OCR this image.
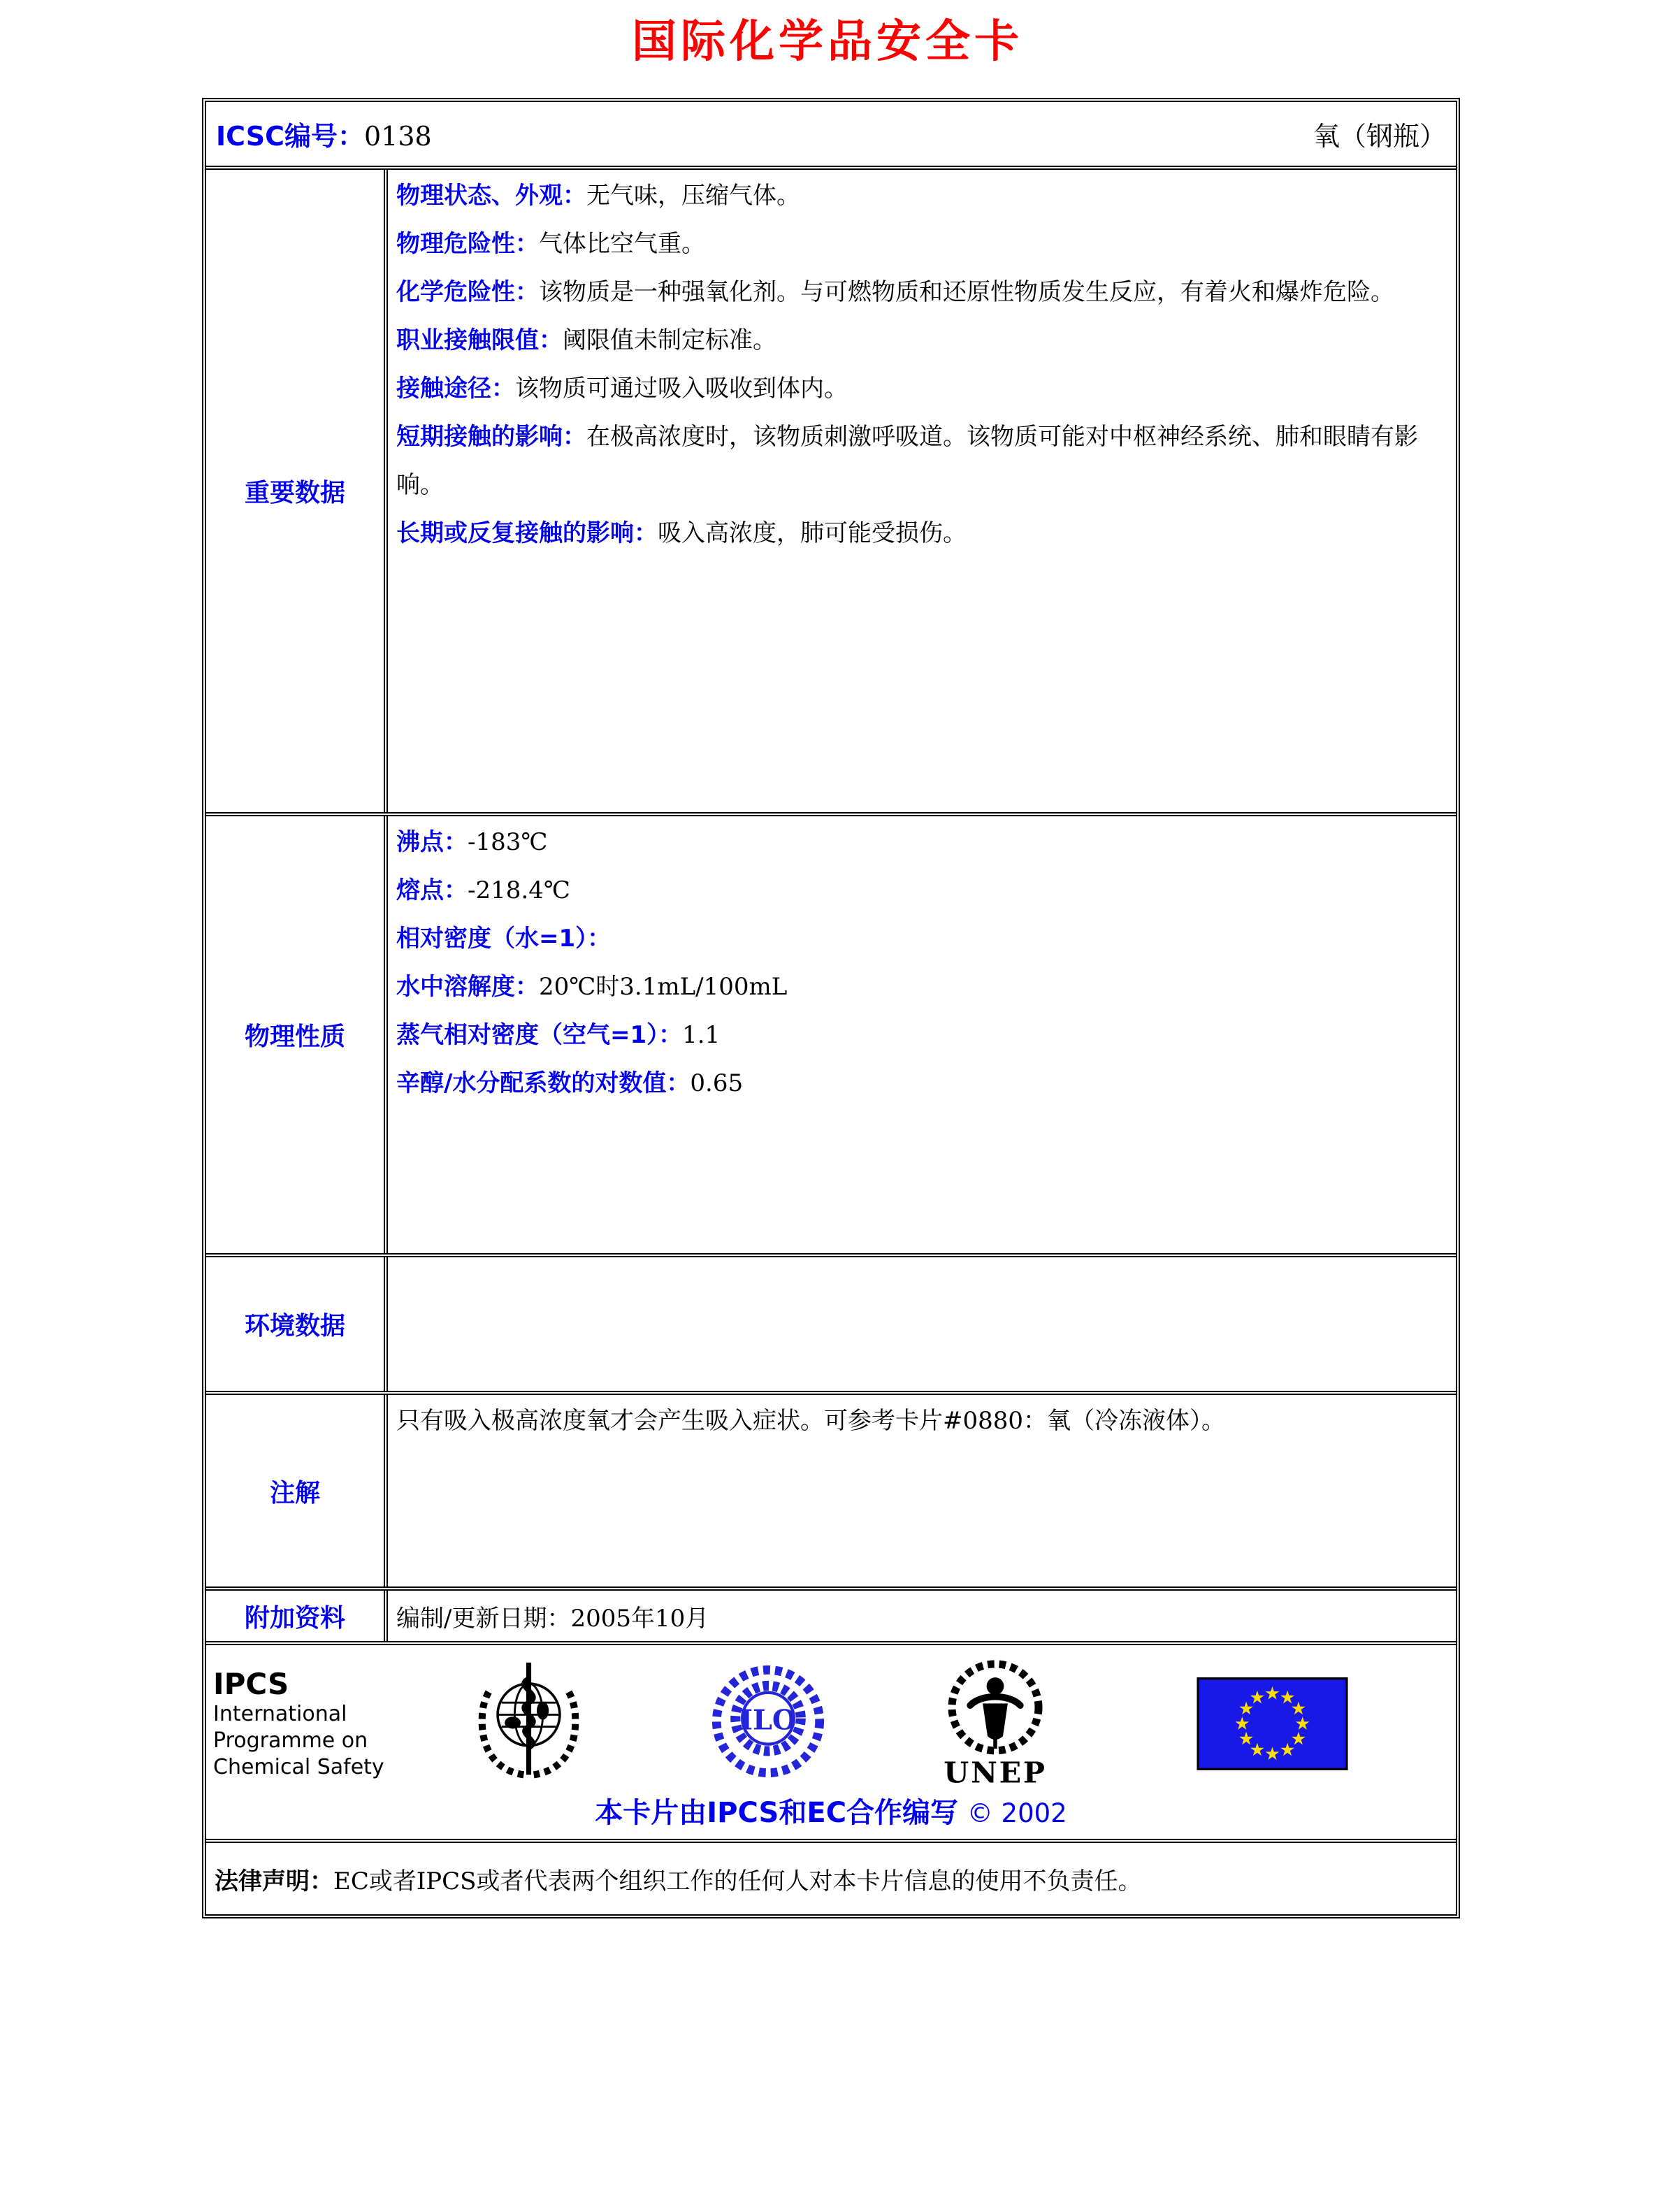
国际化学品安全卡
ICSC编号：0138	氧（钢瓶）
重要数据
物理状态、外观：无气味，压缩气体。
物理危险性：气体比空气重。
化学危险性：该物质是一种强氧化剂。与可燃物质和还原性物质发生反应，有着火和爆炸危险。
职业接触限值：阈限值未制定标准。
接触途径：该物质可通过吸入吸收到体内。
短期接触的影响：在极高浓度时，该物质刺激呼吸道。该物质可能对中枢神经系统、肺和眼睛有影响。
长期或反复接触的影响：吸入高浓度，肺可能受损伤。
物理性质
沸点：-183℃
熔点：-218.4℃
相对密度（水=1）：
水中溶解度：20℃时3.1mL/100mL
蒸气相对密度（空气=1）：1.1
辛醇/水分配系数的对数值：0.65
环境数据
注解
只有吸入极高浓度氧才会产生吸入症状。可参考卡片#0880：氧（冷冻液体）。
附加资料	编制/更新日期：2005年10月
IPCS
International
Programme on
Chemical Safety
ILO
UNEP
本卡片由IPCS和EC合作编写 © 2002
法律声明： EC或者IPCS或者代表两个组织工作的任何人对本卡片信息的使用不负责任。
